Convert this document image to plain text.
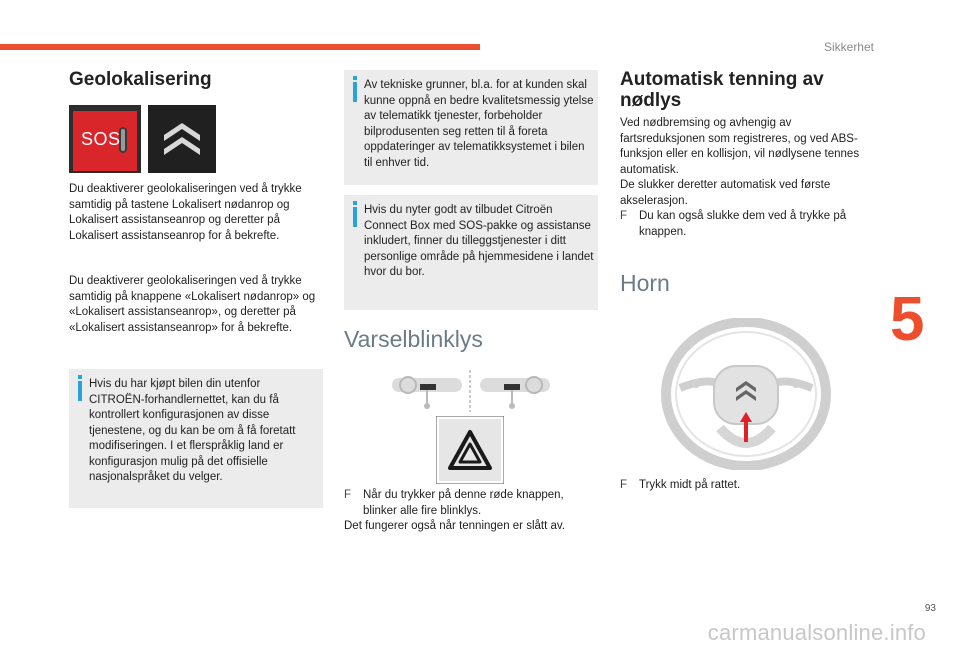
Sikkerhet
5
93
carmanualsonline.info
Geolokalisering
SOS

Du deaktiverer geolokaliseringen ved å trykke samtidig på tastene Lokalisert nødanrop og Lokalisert assistanseanrop og deretter på Lokalisert assistanseanrop for å bekrefte.

Du deaktiverer geolokaliseringen ved å trykke samtidig på knappene «Lokalisert nødanrop» og «Lokalisert assistanseanrop», og deretter på «Lokalisert assistanseanrop» for å bekrefte.

Hvis du har kjøpt bilen din utenfor CITROËN-forhandlernettet, kan du få kontrollert konfigurasjonen av disse tjenestene, og du kan be om å få foretatt modifiseringen. I et flerspråklig land er konfigurasjon mulig på det offisielle nasjonalspråket du velger.

Av tekniske grunner, bl.a. for at kunden skal kunne oppnå en bedre kvalitetsmessig ytelse av telematikk tjenester, forbeholder bilprodusenten seg retten til å foreta oppdateringer av telematikksystemet i bilen til enhver tid.

Hvis du nyter godt av tilbudet Citroën Connect Box med SOS-pakke og assistanse inkludert, finner du tilleggstjenester i ditt personlige område på hjemmesidene i landet hvor du bor.

Varselblinklys

F	Når du trykker på denne røde knappen, blinker alle fire blinklys.

Det fungerer også når tenningen er slått av.

Automatisk tenning av nødlys

Ved nødbremsing og avhengig av fartsreduksjonen som registreres, og ved ABS-funksjon eller en kollisjon, vil nødlysene tennes automatisk.

De slukker deretter automatisk ved første akselerasjon.

F	Du kan også slukke dem ved å trykke på knappen.

Horn

F	Trykk midt på rattet.
